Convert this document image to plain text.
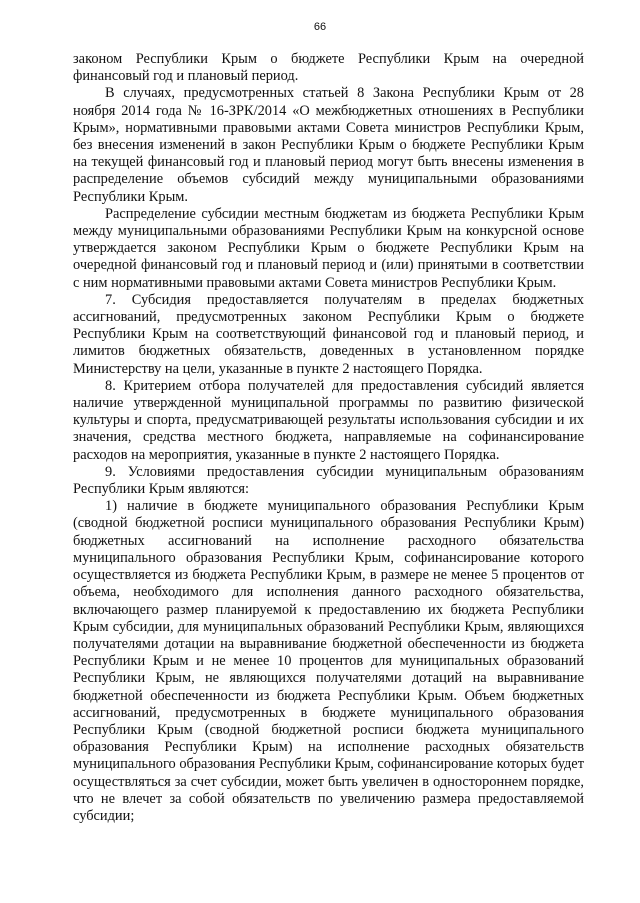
66

законом Республики Крым о бюджете Республики Крым на очередной финансовый год и плановый период.

В случаях, предусмотренных статьей 8 Закона Республики Крым от 28 ноября 2014 года № 16-ЗРК/2014 «О межбюджетных отношениях в Республики Крым», нормативными правовыми актами Совета министров Республики Крым, без внесения изменений в закон Республики Крым о бюджете Республики Крым на текущей финансовый год и плановый период могут быть внесены изменения в распределение объемов субсидий между муниципальными образованиями Республики Крым.

Распределение субсидии местным бюджетам из бюджета Республики Крым между муниципальными образованиями Республики Крым на конкурсной основе утверждается законом Республики Крым о бюджете Республики Крым на очередной финансовый год и плановый период и (или) принятыми в соответствии с ним нормативными правовыми актами Совета министров Республики Крым.

7. Субсидия предоставляется получателям в пределах бюджетных ассигнований, предусмотренных законом Республики Крым о бюджете Республики Крым на соответствующий финансовой год и плановый период, и лимитов бюджетных обязательств, доведенных в установленном порядке Министерству на цели, указанные в пункте 2 настоящего Порядка.

8. Критерием отбора получателей для предоставления субсидий является наличие утвержденной муниципальной программы по развитию физической культуры и спорта, предусматривающей результаты использования субсидии и их значения, средства местного бюджета, направляемые на софинансирование расходов на мероприятия, указанные в пункте 2 настоящего Порядка.

9. Условиями предоставления субсидии муниципальным образованиям Республики Крым являются:

1) наличие в бюджете муниципального образования Республики Крым (сводной бюджетной росписи муниципального образования Республики Крым) бюджетных ассигнований на исполнение расходного обязательства муниципального образования Республики Крым, софинансирование которого осуществляется из бюджета Республики Крым, в размере не менее 5 процентов от объема, необходимого для исполнения данного расходного обязательства, включающего размер планируемой к предоставлению их бюджета Республики Крым субсидии, для муниципальных образований Республики Крым, являющихся получателями дотации на выравнивание бюджетной обеспеченности из бюджета Республики Крым и не менее 10 процентов для муниципальных образований Республики Крым, не являющихся получателями дотаций на выравнивание бюджетной обеспеченности из бюджета Республики Крым. Объем бюджетных ассигнований, предусмотренных в бюджете муниципального образования Республики Крым (сводной бюджетной росписи бюджета муниципального образования Республики Крым) на исполнение расходных обязательств муниципального образования Республики Крым, софинансирование которых будет осуществляться за счет субсидии, может быть увеличен в одностороннем порядке, что не влечет за собой обязательств по увеличению размера предоставляемой субсидии;
